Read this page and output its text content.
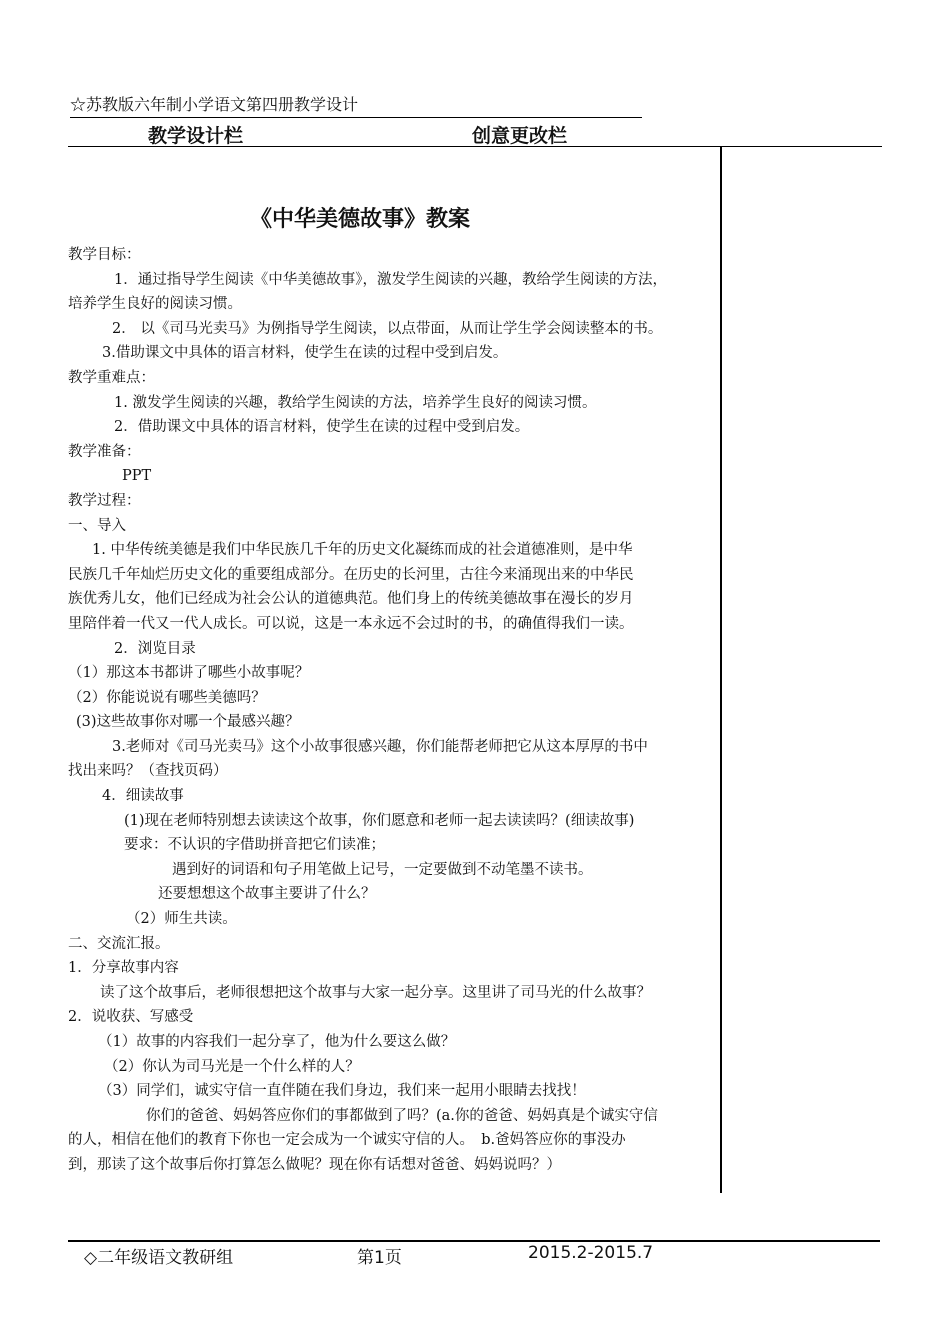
☆苏教版六年制小学语文第四册教学设计
教学设计栏	创意更改栏
《中华美德故事》教案

教学目标：

1．通过指导学生阅读《中华美德故事》，激发学生阅读的兴趣，教给学生阅读的方法，

培养学生良好的阅读习惯。

2． 以《司马光卖马》为例指导学生阅读，以点带面，从而让学生学会阅读整本的书。

3.借助课文中具体的语言材料，使学生在读的过程中受到启发。

教学重难点：

1. 激发学生阅读的兴趣，教给学生阅读的方法，培养学生良好的阅读习惯。

2．借助课文中具体的语言材料，使学生在读的过程中受到启发。

教学准备：

PPT

教学过程：

一、导入

1. 中华传统美德是我们中华民族几千年的历史文化凝练而成的社会道德准则，是中华

民族几千年灿烂历史文化的重要组成部分。在历史的长河里，古往今来涌现出来的中华民

族优秀儿女，他们已经成为社会公认的道德典范。他们身上的传统美德故事在漫长的岁月

里陪伴着一代又一代人成长。可以说，这是一本永远不会过时的书，的确值得我们一读。

2．浏览目录

（1）那这本书都讲了哪些小故事呢？

（2）你能说说有哪些美德吗？

(3)这些故事你对哪一个最感兴趣？

3.老师对《司马光卖马》这个小故事很感兴趣，你们能帮老师把它从这本厚厚的书中

找出来吗？（查找页码）

4．细读故事

(1)现在老师特别想去读读这个故事，你们愿意和老师一起去读读吗？(细读故事)

要求：不认识的字借助拼音把它们读准；

遇到好的词语和句子用笔做上记号，一定要做到不动笔墨不读书。

还要想想这个故事主要讲了什么？

（2）师生共读。

二、交流汇报。

1．分享故事内容

读了这个故事后，老师很想把这个故事与大家一起分享。这里讲了司马光的什么故事？

2．说收获、写感受

（1）故事的内容我们一起分享了，他为什么要这么做？

（2）你认为司马光是一个什么样的人？

（3）同学们，诚实守信一直伴随在我们身边，我们来一起用小眼睛去找找！

你们的爸爸、妈妈答应你们的事都做到了吗？(a.你的爸爸、妈妈真是个诚实守信

的人，相信在他们的教育下你也一定会成为一个诚实守信的人。　b.爸妈答应你的事没办

到，那读了这个故事后你打算怎么做呢？现在你有话想对爸爸、妈妈说吗？）

◇二年级语文教研组	第1页	2015.2-2015.7
